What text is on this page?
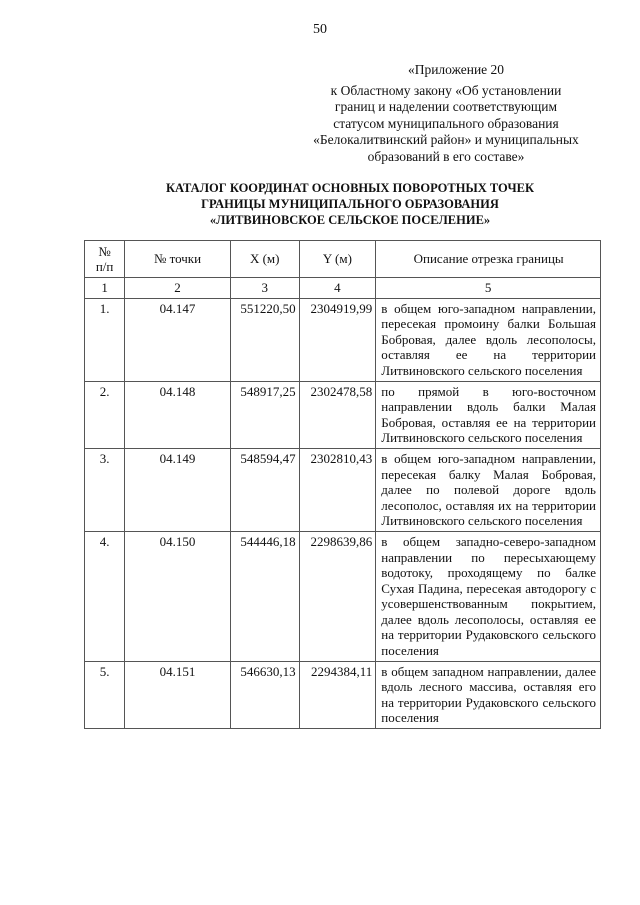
50
«Приложение 20
к Областному закону «Об установлении
границ и наделении соответствующим
статусом муниципального образования
«Белокалитвинский район» и муниципальных
образований в его составе»
КАТАЛОГ КООРДИНАТ ОСНОВНЫХ ПОВОРОТНЫХ ТОЧЕК
ГРАНИЦЫ МУНИЦИПАЛЬНОГО ОБРАЗОВАНИЯ
«ЛИТВИНОВСКОЕ СЕЛЬСКОЕ ПОСЕЛЕНИЕ»
№
п/п	№ точки	X (м)	Y (м)	Описание отрезка границы
1	2	3	4	5
1.	04.147	551220,50	2304919,99	в общем юго-западном направлении, пересекая промоину балки Большая Бобровая, далее вдоль лесополосы, оставляя ее на территории Литвиновского сельского поселения
2.	04.148	548917,25	2302478,58	по прямой в юго-восточном направлении вдоль балки Малая Бобровая, оставляя ее на территории Литвиновского сельского поселения
3.	04.149	548594,47	2302810,43	в общем юго-западном направлении, пересекая балку Малая Бобровая, далее по полевой дороге вдоль лесополос, оставляя их на территории Литвиновского сельского поселения
4.	04.150	544446,18	2298639,86	в общем западно-северо-западном направлении по пересыхающему водотоку, проходящему по балке Сухая Падина, пересекая автодорогу с усовершенствованным покрытием, далее вдоль лесополосы, оставляя ее на территории Рудаковского сельского поселения
5.	04.151	546630,13	2294384,11	в общем западном направлении, далее вдоль лесного массива, оставляя его на территории Рудаковского сельского поселения
